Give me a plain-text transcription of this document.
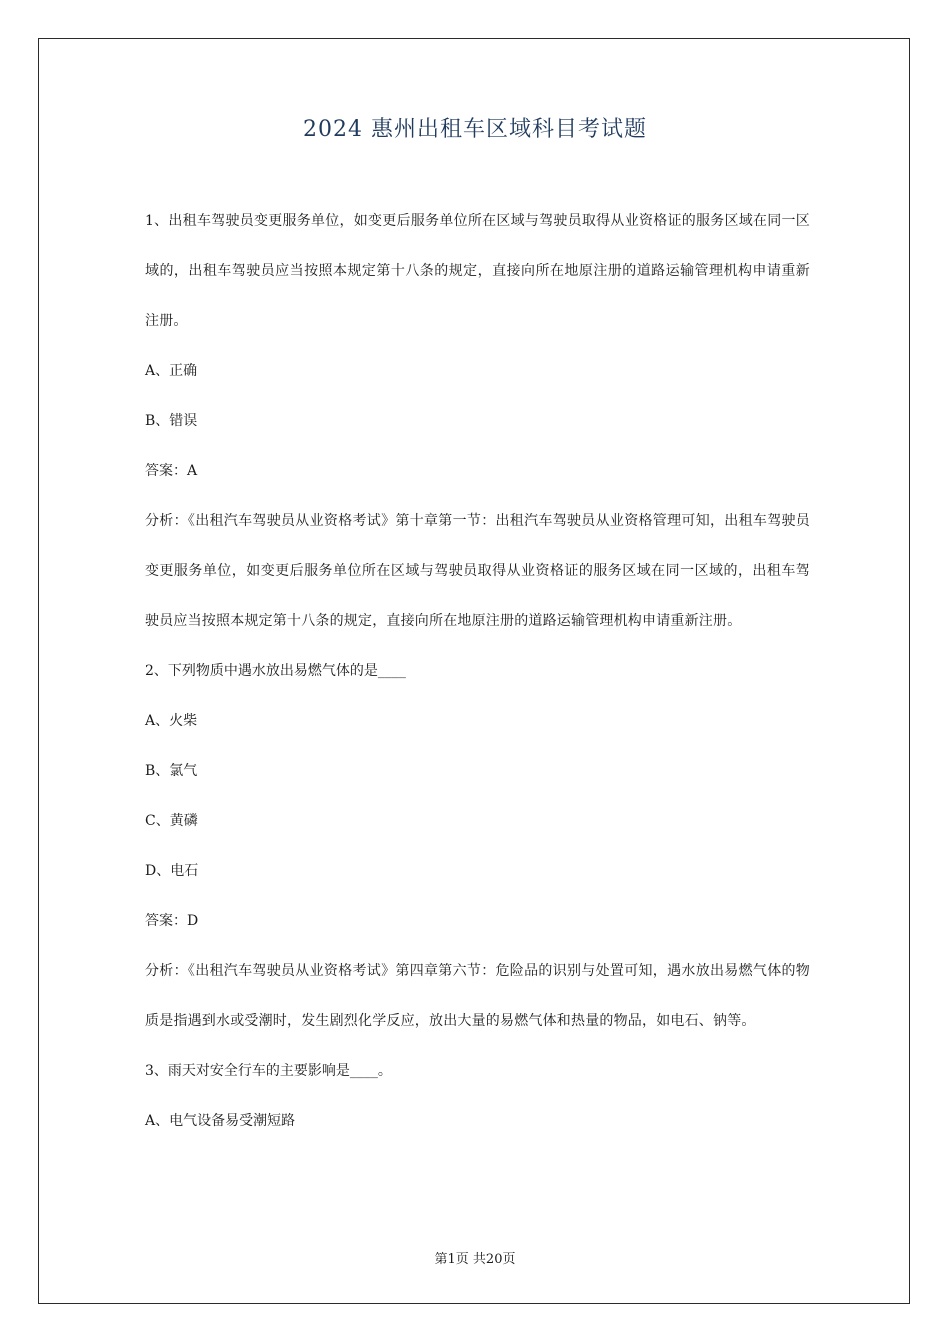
2024 惠州出租车区域科目考试题

1、出租车驾驶员变更服务单位，如变更后服务单位所在区域与驾驶员取得从业资格证的服务区域在同一区域的，出租车驾驶员应当按照本规定第十八条的规定，直接向所在地原注册的道路运输管理机构申请重新注册。

A、正确

B、错误

答案：A

分析：《出租汽车驾驶员从业资格考试》第十章第一节：出租汽车驾驶员从业资格管理可知，出租车驾驶员变更服务单位，如变更后服务单位所在区域与驾驶员取得从业资格证的服务区域在同一区域的，出租车驾驶员应当按照本规定第十八条的规定，直接向所在地原注册的道路运输管理机构申请重新注册。

2、下列物质中遇水放出易燃气体的是____

A、火柴

B、氯气

C、黄磷

D、电石

答案：D

分析：《出租汽车驾驶员从业资格考试》第四章第六节：危险品的识别与处置可知，遇水放出易燃气体的物质是指遇到水或受潮时，发生剧烈化学反应，放出大量的易燃气体和热量的物品，如电石、钠等。

3、雨天对安全行车的主要影响是____。

A、电气设备易受潮短路

第1页 共20页
